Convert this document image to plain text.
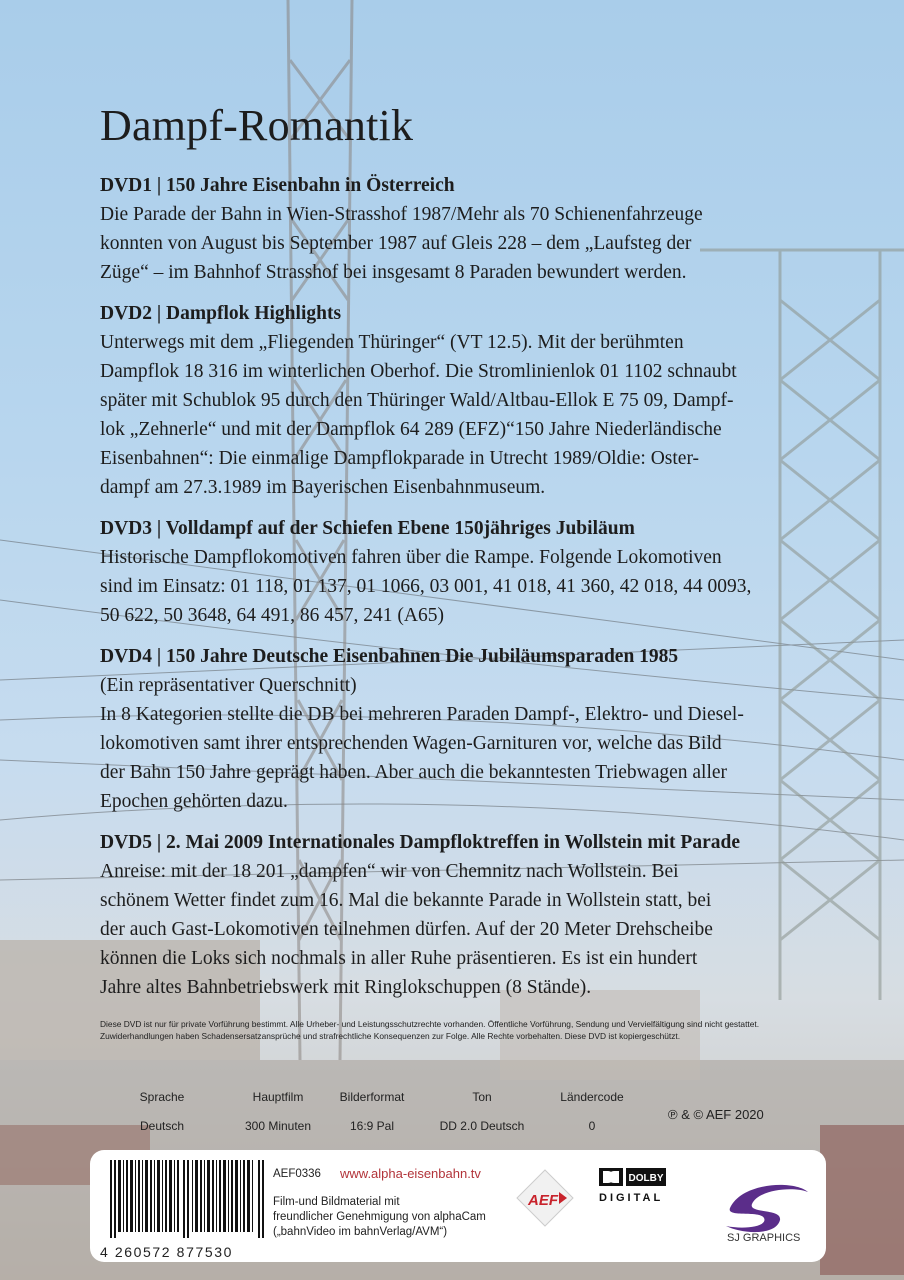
Dampf-Romantik
DVD1 | 150 Jahre Eisenbahn in Österreich
Die Parade der Bahn in Wien-Strasshof 1987/Mehr als 70 Schienenfahrzeuge
konnten von August bis September 1987 auf Gleis 228 – dem „Laufsteg der
Züge“ – im Bahnhof Strasshof bei insgesamt 8 Paraden bewundert werden.
DVD2 | Dampflok Highlights
Unterwegs mit dem „Fliegenden Thüringer“ (VT 12.5). Mit der berühmten
Dampflok 18 316 im winterlichen Oberhof. Die Stromlinienlok 01 1102 schnaubt
später mit Schublok 95 durch den Thüringer Wald/Altbau-Ellok E 75 09, Dampf-
lok „Zehnerle“ und mit der Dampflok 64 289 (EFZ)“150 Jahre Niederländische
Eisenbahnen“: Die einmalige Dampflokparade in Utrecht 1989/Oldie: Oster-
dampf am 27.3.1989 im Bayerischen Eisenbahnmuseum.
DVD3 | Volldampf auf der Schiefen Ebene 150jähriges Jubiläum
Historische Dampflokomotiven fahren über die Rampe. Folgende Lokomotiven
sind im Einsatz: 01 118, 01 137, 01 1066, 03 001, 41 018, 41 360, 42 018, 44 0093,
50 622, 50 3648, 64 491, 86 457, 241 (A65)
DVD4 | 150 Jahre Deutsche Eisenbahnen Die Jubiläumsparaden 1985
(Ein repräsentativer Querschnitt)
In 8 Kategorien stellte die DB bei mehreren Paraden Dampf-, Elektro- und Diesel-
lokomotiven samt ihrer entsprechenden Wagen-Garnituren vor, welche das Bild
der Bahn 150 Jahre geprägt haben. Aber auch die bekanntesten Triebwagen aller
Epochen gehörten dazu.
DVD5 | 2. Mai 2009 Internationales Dampfloktreffen in Wollstein mit Parade
Anreise: mit der 18 201 „dampfen“ wir von Chemnitz nach Wollstein. Bei
schönem Wetter findet zum 16. Mal die bekannte Parade in Wollstein statt, bei
der auch Gast-Lokomotiven teilnehmen dürfen. Auf der 20 Meter Drehscheibe
können die Loks sich nochmals in aller Ruhe präsentieren. Es ist ein hundert
Jahre altes Bahnbetriebswerk mit Ringlokschuppen (8 Stände).
Diese DVD ist nur für private Vorführung bestimmt. Alle Urheber- und Leistungsschutzrechte vorhanden. Öffentliche Vorführung, Sendung und Vervielfältigung sind nicht gestattet.
Zuwiderhandlungen haben Schadensersatzansprüche und strafrechtliche Konsequenzen zur Folge. Alle Rechte vorbehalten. Diese DVD ist kopiergeschützt.
Sprache	Hauptfilm	Bilderformat	Ton	Ländercode
Deutsch	300 Minuten	16:9 Pal	DD 2.0 Deutsch	0
℗ & © AEF 2020
4 260572 877530
AEF0336 www.alpha-eisenbahn.tv
Film-und Bildmaterial mit
freundlicher Genehmigung von alphaCam
(„bahnVideo im bahnVerlag/AVM“)
AEF
DOLBY
DIGITAL
SJ GRAPHICS
